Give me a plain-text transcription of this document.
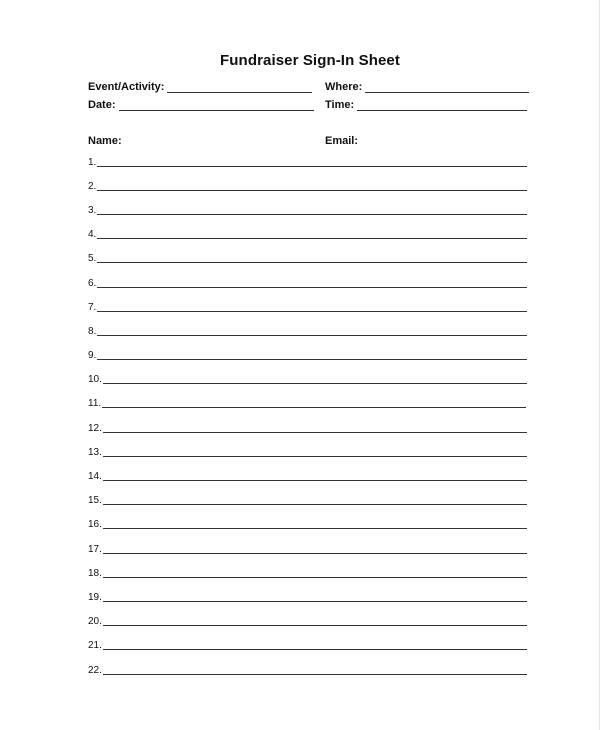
Fundraiser Sign-In Sheet
Event/Activity:	Where:
Date:	Time:
Name:	Email:
1.
2.
3.
4.
5.
6.
7.
8.
9.
10.
11.
12.
13.
14.
15.
16.
17.
18.
19.
20.
21.
22.
